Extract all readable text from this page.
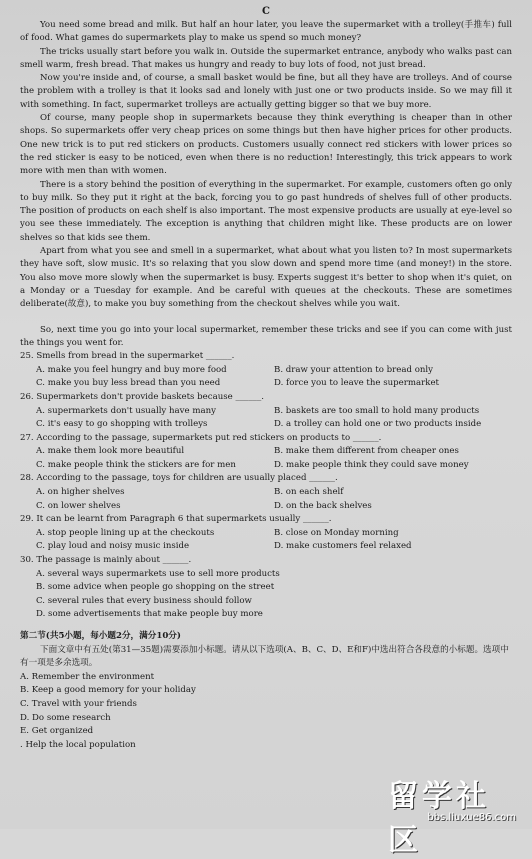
C

You need some bread and milk. But half an hour later, you leave the supermarket with a trolley(手推车) full of food. What games do supermarkets play to make us spend so much money?

The tricks usually start before you walk in. Outside the supermarket entrance, anybody who walks past can smell warm, fresh bread. That makes us hungry and ready to buy lots of food, not just bread.

Now you're inside and, of course, a small basket would be fine, but all they have are trolleys. And of course the problem with a trolley is that it looks sad and lonely with just one or two products inside. So we may fill it with something. In fact, supermarket trolleys are actually getting bigger so that we buy more.

Of course, many people shop in supermarkets because they think everything is cheaper than in other shops. So supermarkets offer very cheap prices on some things but then have higher prices for other products. One new trick is to put red stickers on products. Customers usually connect red stickers with lower prices so the red sticker is easy to be noticed, even when there is no reduction! Interestingly, this trick appears to work more with men than with women.

There is a story behind the position of everything in the supermarket. For example, customers often go only to buy milk. So they put it right at the back, forcing you to go past hundreds of shelves full of other products. The position of products on each shelf is also important. The most expensive products are usually at eye-level so you see these immediately. The exception is anything that children might like. These products are on lower shelves so that kids see them.

Apart from what you see and smell in a supermarket, what about what you listen to? In most supermarkets they have soft, slow music. It's so relaxing that you slow down and spend more time (and money!) in the store. You also move more slowly when the supermarket is busy. Experts suggest it's better to shop when it's quiet, on a Monday or a Tuesday for example. And be careful with queues at the checkouts. These are sometimes deliberate(故意), to make you buy something from the checkout shelves while you wait.

So, next time you go into your local supermarket, remember these tricks and see if you can come with just the things you went for.

25. Smells from bread in the supermarket ______.

A. make you feel hungry and buy more food	B. draw your attention to bread only
C. make you buy less bread than you need	D. force you to leave the supermarket

26. Supermarkets don't provide baskets because ______.

A. supermarkets don't usually have many	B. baskets are too small to hold many products
C. it's easy to go shopping with trolleys	D. a trolley can hold one or two products inside

27. According to the passage, supermarkets put red stickers on products to ______.

A. make them look more beautiful	B. make them different from cheaper ones
C. make people think the stickers are for men	D. make people think they could save money

28. According to the passage, toys for children are usually placed ______.

A. on higher shelves	B. on each shelf
C. on lower shelves	D. on the back shelves

29. It can be learnt from Paragraph 6 that supermarkets usually ______.

A. stop people lining up at the checkouts	B. close on Monday morning
C. play loud and noisy music inside	D. make customers feel relaxed

30. The passage is mainly about ______.

A. several ways supermarkets use to sell more products
B. some advice when people go shopping on the street
C. several rules that every business should follow
D. some advertisements that make people buy more
第二节(共5小题，每小题2分，满分10分)

下面文章中有五处(第31—35题)需要添加小标题。请从以下选项(A、B、C、D、E和F)中选出符合各段意的小标题。选项中有一项是多余选项。

A. Remember the environment

B. Keep a good memory for your holiday

C. Travel with your friends

D. Do some research

E. Get organized

. Help the local population

留学社区
bbs.liuxue86.com
